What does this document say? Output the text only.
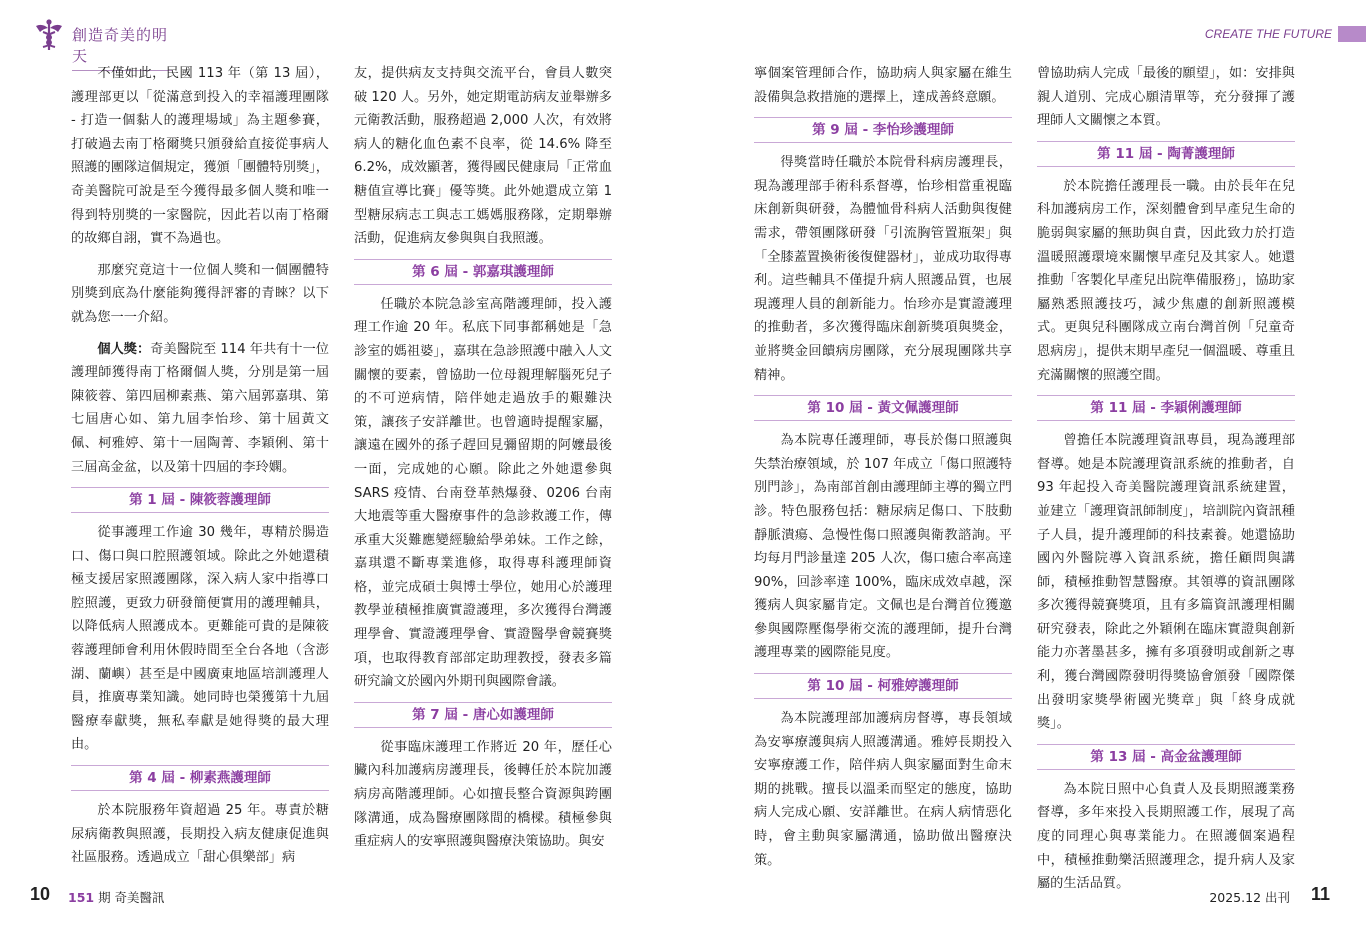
創造奇美的明天
CREATE THE FUTURE

不僅如此，民國 113 年（第 13 屆），護理部更以「從滿意到投入的幸福護理團隊 - 打造一個黏人的護理場域」為主題參賽，打破過去南丁格爾獎只頒發給直接從事病人照護的團隊這個規定，獲頒「團體特別獎」，奇美醫院可說是至今獲得最多個人獎和唯一得到特別獎的一家醫院，因此若以南丁格爾的故鄉自詡，實不為過也。

那麼究竟這十一位個人獎和一個團體特別獎到底為什麼能夠獲得評審的青睞？以下就為您一一介紹。

個人獎：奇美醫院至 114 年共有十一位護理師獲得南丁格爾個人獎，分別是第一屆陳筱蓉、第四屆柳素燕、第六屆郭嘉琪、第七屆唐心如、第九屆李怡珍、第十屆黃文佩、柯雅婷、第十一屆陶菁、李穎俐、第十三屆高金盆，以及第十四屆的李玲嫻。

第 1 屆 - 陳筱蓉護理師

從事護理工作逾 30 幾年，專精於腸造口、傷口與口腔照護領域。除此之外她還積極支援居家照護團隊，深入病人家中指導口腔照護，更致力研發簡便實用的護理輔具，以降低病人照護成本。更難能可貴的是陳筱蓉護理師會利用休假時間至全台各地（含澎湖、蘭嶼）甚至是中國廣東地區培訓護理人員，推廣專業知識。她同時也榮獲第十九屆醫療奉獻獎，無私奉獻是她得獎的最大理由。

第 4 屆 - 柳素燕護理師

於本院服務年資超過 25 年。專責於糖尿病衛教與照護，長期投入病友健康促進與社區服務。透過成立「甜心俱樂部」病

友，提供病友支持與交流平台，會員人數突破 120 人。另外，她定期電訪病友並舉辦多元衛教活動，服務超過 2,000 人次，有效將病人的糖化血色素不良率，從 14.6% 降至 6.2%，成效顯著，獲得國民健康局「正常血糖值宣導比賽」優等獎。此外她還成立第 1 型糖尿病志工與志工媽媽服務隊，定期舉辦活動，促進病友參與與自我照護。

第 6 屆 - 郭嘉琪護理師

任職於本院急診室高階護理師，投入護理工作逾 20 年。私底下同事都稱她是「急診室的媽祖婆」，嘉琪在急診照護中融入人文關懷的要素，曾協助一位母親理解腦死兒子的不可逆病情，陪伴她走過放手的艱難決策，讓孩子安詳離世。也曾適時提醒家屬，讓遠在國外的孫子趕回見彌留期的阿嬤最後一面，完成她的心願。除此之外她還參與 SARS 疫情、台南登革熱爆發、0206 台南大地震等重大醫療事件的急診救護工作，傳承重大災難應變經驗給學弟妹。工作之餘，嘉琪還不斷專業進修，取得專科護理師資格，並完成碩士與博士學位，她用心於護理教學並積極推廣實證護理，多次獲得台灣護理學會、實證護理學會、實證醫學會競賽獎項，也取得教育部部定助理教授，發表多篇研究論文於國內外期刊與國際會議。

第 7 屆 - 唐心如護理師

從事臨床護理工作將近 20 年，歷任心臟內科加護病房護理長，後轉任於本院加護病房高階護理師。心如擅長整合資源與跨團隊溝通，成為醫療團隊間的橋樑。積極參與重症病人的安寧照護與醫療決策協助。與安

寧個案管理師合作，協助病人與家屬在維生設備與急救措施的選擇上，達成善終意願。

第 9 屆 - 李怡珍護理師

得獎當時任職於本院骨科病房護理長，現為護理部手術科系督導，怡珍相當重視臨床創新與研發，為體恤骨科病人活動與復健需求，帶領團隊研發「引流胸管置瓶架」與「全膝蓋置換術後復健器材」，並成功取得專利。這些輔具不僅提升病人照護品質，也展現護理人員的創新能力。怡珍亦是實證護理的推動者，多次獲得臨床創新獎項與獎金，並將獎金回饋病房團隊，充分展現團隊共享精神。

第 10 屆 - 黃文佩護理師

為本院專任護理師，專長於傷口照護與失禁治療領域，於 107 年成立「傷口照護特別門診」，為南部首創由護理師主導的獨立門診。特色服務包括：糖尿病足傷口、下肢動靜脈潰瘍、急慢性傷口照護與衛教諮詢。平均每月門診量達 205 人次，傷口癒合率高達 90%，回診率達 100%，臨床成效卓越，深獲病人與家屬肯定。文佩也是台灣首位獲邀參與國際壓傷學術交流的護理師，提升台灣護理專業的國際能見度。

第 10 屆 - 柯雅婷護理師

為本院護理部加護病房督導，專長領域為安寧療護與病人照護溝通。雅婷長期投入安寧療護工作，陪伴病人與家屬面對生命末期的挑戰。擅長以溫柔而堅定的態度，協助病人完成心願、安詳離世。在病人病情惡化時，會主動與家屬溝通，協助做出醫療決策。

曾協助病人完成「最後的願望」，如：安排與親人道別、完成心願清單等，充分發揮了護理師人文關懷之本質。

第 11 屆 - 陶菁護理師

於本院擔任護理長一職。由於長年在兒科加護病房工作，深刻體會到早產兒生命的脆弱與家屬的無助與自責，因此致力於打造溫暖照護環境來關懷早產兒及其家人。她還推動「客製化早產兒出院準備服務」，協助家屬熟悉照護技巧，減少焦慮的創新照護模式。更與兒科團隊成立南台灣首例「兒童奇恩病房」，提供末期早產兒一個溫暖、尊重且充滿關懷的照護空間。

第 11 屆 - 李穎俐護理師

曾擔任本院護理資訊專員，現為護理部督導。她是本院護理資訊系統的推動者，自 93 年起投入奇美醫院護理資訊系統建置，並建立「護理資訊師制度」，培訓院內資訊種子人員，提升護理師的科技素養。她還協助國內外醫院導入資訊系統，擔任顧問與講師，積極推動智慧醫療。其領導的資訊團隊多次獲得競賽獎項，且有多篇資訊護理相關研究發表，除此之外穎俐在臨床實證與創新能力亦著墨甚多，擁有多項發明或創新之專利，獲台灣國際發明得獎協會頒發「國際傑出發明家獎學術國光獎章」與「終身成就獎」。

第 13 屆 - 高金盆護理師

為本院日照中心負責人及長期照護業務督導，多年來投入長期照護工作，展現了高度的同理心與專業能力。在照護個案過程中，積極推動樂活照護理念，提升病人及家屬的生活品質。

10 151 期 奇美醫訊	2025.12 出刊 11
